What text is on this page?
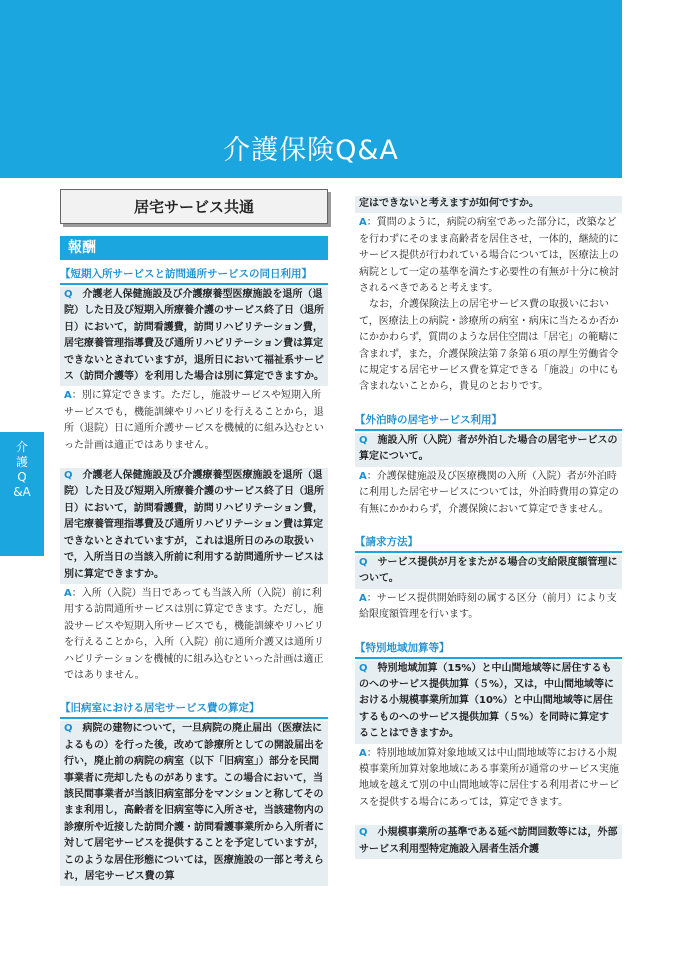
介護保険Q&A
介護Q&A
居宅サービス共通
報酬
【短期入所サービスと訪問通所サービスの同日利用】
Q　 介護老人保健施設及び介護療養型医療施設を退所（退院）した日及び短期入所療養介護のサービス終了日（退所日）において，訪問看護費，訪問リハビリテーション費，居宅療養管理指導費及び通所リハビリテーション費は算定できないとされていますが，退所日において福祉系サービス（訪問介護等）を利用した場合は別に算定できますか。
A：別に算定できます。ただし，施設サービスや短期入所サービスでも，機能訓練やリハビリを行えることから，退所（退院）日に通所介護サービスを機械的に組み込むといった計画は適正ではありません。
Q　 介護老人保健施設及び介護療養型医療施設を退所（退院）した日及び短期入所療養介護のサービス終了日（退所日）において，訪問看護費，訪問リハビリテーション費，居宅療養管理指導費及び通所リハビリテーション費は算定できないとされていますが，これは退所日のみの取扱いで，入所当日の当該入所前に利用する訪問通所サービスは別に算定できますか。
A：入所（入院）当日であっても当該入所（入院）前に利用する訪問通所サービスは別に算定できます。ただし，施設サービスや短期入所サービスでも，機能訓練やリハビリを行えることから，入所（入院）前に通所介護又は通所リハビリテーションを機械的に組み込むといった計画は適正ではありません。
【旧病室における居宅サービス費の算定】
Q　 病院の建物について，一旦病院の廃止届出（医療法によるもの）を行った後，改めて診療所としての開設届出を行い，廃止前の病院の病室（以下「旧病室」）部分を民間事業者に売却したものがあります。この場合において，当該民間事業者が当該旧病室部分をマンションと称してそのまま利用し，高齢者を旧病室等に入所させ，当該建物内の診療所や近接した訪問介護・訪問看護事業所から入所者に対して居宅サービスを提供することを予定していますが，このような居住形態については，医療施設の一部と考えられ，居宅サービス費の算
定はできないと考えますが如何ですか。
A：質問のように，病院の病室であった部分に，改築などを行わずにそのまま高齢者を居住させ，一体的，継続的にサービス提供が行われている場合については，医療法上の病院として一定の基準を満たす必要性の有無が十分に検討されるべきであると考えます。
なお，介護保険法上の居宅サービス費の取扱いにおいて，医療法上の病院・診療所の病室・病床に当たるか否かにかかわらず，質問のような居住空間は「居宅」の範疇に含まれず，また，介護保険法第７条第６項の厚生労働省令に規定する居宅サービス費を算定できる「施設」の中にも含まれないことから，貴見のとおりです。
【外泊時の居宅サービス利用】
Q　 施設入所（入院）者が外泊した場合の居宅サービスの算定について。
A：介護保健施設及び医療機関の入所（入院）者が外泊時に利用した居宅サービスについては，外泊時費用の算定の有無にかかわらず，介護保険において算定できません。
【請求方法】
Q　 サービス提供が月をまたがる場合の支給限度額管理について。
A：サービス提供開始時刻の属する区分（前月）により支給限度額管理を行います。
【特別地域加算等】
Q　 特別地域加算（15%）と中山間地域等に居住するものへのサービス提供加算（５%），又は，中山間地域等における小規模事業所加算（10%）と中山間地域等に居住するものへのサービス提供加算（５%）を同時に算定することはできますか。
A：特別地域加算対象地域又は中山間地域等における小規模事業所加算対象地域にある事業所が通常のサービス実施地域を越えて別の中山間地域等に居住する利用者にサービスを提供する場合にあっては，算定できます。
Q　 小規模事業所の基準である延べ訪問回数等には，外部サービス利用型特定施設入居者生活介護
